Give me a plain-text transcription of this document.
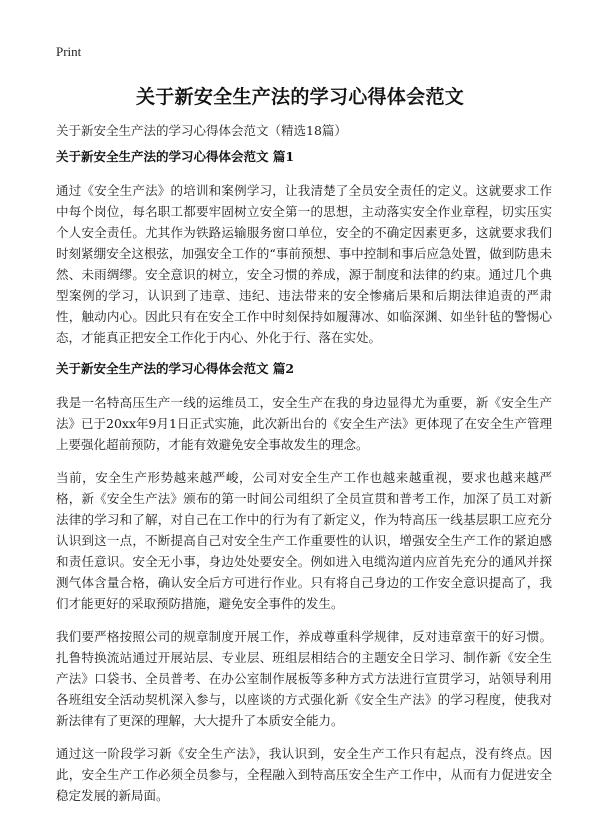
Print
关于新安全生产法的学习心得体会范文

关于新安全生产法的学习心得体会范文（精选18篇）

关于新安全生产法的学习心得体会范文 篇1

通过《安全生产法》的培训和案例学习，让我清楚了全员安全责任的定义。这就要求工作中每个岗位，每名职工都要牢固树立安全第一的思想，主动落实安全作业章程，切实压实个人安全责任。尤其作为铁路运输服务窗口单位，安全的不确定因素更多，这就要求我们时刻紧绷安全这根弦，加强安全工作的“事前预想、事中控制和事后应急处置，做到防患未然、未雨绸缪。安全意识的树立，安全习惯的养成，源于制度和法律的约束。通过几个典型案例的学习，认识到了违章、违纪、违法带来的安全惨痛后果和后期法律追责的严肃性，触动内心。因此只有在安全工作中时刻保持如履薄冰、如临深渊、如坐针毡的警惕心态，才能真正把安全工作化于内心、外化于行、落在实处。

关于新安全生产法的学习心得体会范文 篇2

我是一名特高压生产一线的运维员工，安全生产在我的身边显得尤为重要，新《安全生产法》已于20xx年9月1日正式实施，此次新出台的《安全生产法》更体现了在安全生产管理上要强化超前预防，才能有效避免安全事故发生的理念。

当前，安全生产形势越来越严峻，公司对安全生产工作也越来越重视，要求也越来越严格，新《安全生产法》颁布的第一时间公司组织了全员宣贯和普考工作，加深了员工对新法律的学习和了解，对自己在工作中的行为有了新定义，作为特高压一线基层职工应充分认识到这一点，不断提高自己对安全生产工作重要性的认识，增强安全生产工作的紧迫感和责任意识。安全无小事，身边处处要安全。例如进入电缆沟道内应首先充分的通风并探测气体含量合格，确认安全后方可进行作业。只有将自己身边的工作安全意识提高了，我们才能更好的采取预防措施，避免安全事件的发生。

我们要严格按照公司的规章制度开展工作，养成尊重科学规律，反对违章蛮干的好习惯。扎鲁特换流站通过开展站层、专业层、班组层相结合的主题安全日学习、制作新《安全生产法》口袋书、全员普考、在办公室制作展板等多种方式方法进行宣贯学习，站领导利用各班组安全活动契机深入参与，以座谈的方式强化新《安全生产法》的学习程度，使我对新法律有了更深的理解，大大提升了本质安全能力。

通过这一阶段学习新《安全生产法》，我认识到，安全生产工作只有起点，没有终点。因此，安全生产工作必须全员参与，全程融入到特高压安全生产工作中，从而有力促进安全稳定发展的新局面。
